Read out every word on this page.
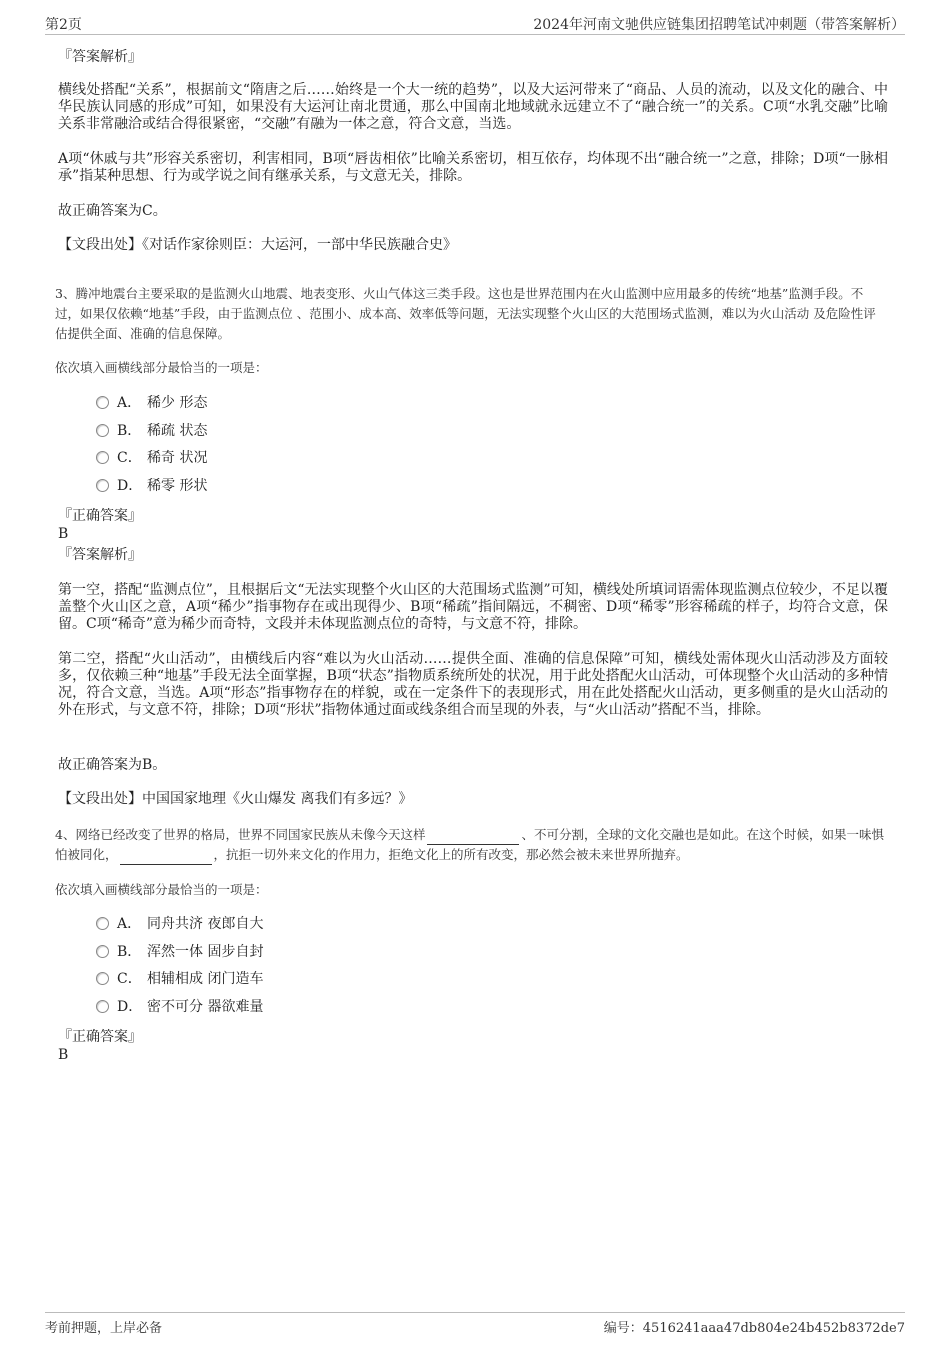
第2页	2024年河南文驰供应链集团招聘笔试冲刺题（带答案解析）
『答案解析』
横线处搭配“关系”，根据前文“隋唐之后……始终是一个大一统的趋势”，以及大运河带来了“商品、人员的流动，以及文化的融合、中华民族认同感的形成”可知，如果没有大运河让南北贯通，那么中国南北地域就永远建立不了“融合统一”的关系。C项“水乳交融”比喻关系非常融洽或结合得很紧密，“交融”有融为一体之意，符合文意，当选。
A项“休戚与共”形容关系密切，利害相同，B项“唇齿相依”比喻关系密切，相互依存，均体现不出“融合统一”之意，排除；D项“一脉相承”指某种思想、行为或学说之间有继承关系，与文意无关，排除。
故正确答案为C。
【文段出处】《对话作家徐则臣：大运河，一部中华民族融合史》
3、腾冲地震台主要采取的是监测火山地震、地表变形、火山气体这三类手段。这也是世界范围内在火山监测中应用最多的传统“地基”监测手段。不过，如果仅依赖“地基”手段，由于监测点位 、范围小、成本高、效率低等问题，无法实现整个火山区的大范围场式监测，难以为火山活动 及危险性评估提供全面、准确的信息保障。
依次填入画横线部分最恰当的一项是：
A． 稀少 形态
B． 稀疏 状态
C． 稀奇 状况
D． 稀零 形状
『正确答案』
B
『答案解析』
第一空，搭配“监测点位”，且根据后文“无法实现整个火山区的大范围场式监测”可知，横线处所填词语需体现监测点位较少，不足以覆盖整个火山区之意，A项“稀少”指事物存在或出现得少、B项“稀疏”指间隔远，不稠密、D项“稀零”形容稀疏的样子，均符合文意，保留。C项“稀奇”意为稀少而奇特，文段并未体现监测点位的奇特，与文意不符，排除。
第二空，搭配“火山活动”，由横线后内容“难以为火山活动……提供全面、准确的信息保障”可知，横线处需体现火山活动涉及方面较多，仅依赖三种“地基”手段无法全面掌握，B项“状态”指物质系统所处的状况，用于此处搭配火山活动，可体现整个火山活动的多种情况，符合文意，当选。A项“形态”指事物存在的样貌，或在一定条件下的表现形式，用在此处搭配火山活动，更多侧重的是火山活动的外在形式，与文意不符，排除；D项“形状”指物体通过面或线条组合而呈现的外表，与“火山活动”搭配不当，排除。
故正确答案为B。
【文段出处】中国国家地理《火山爆发 离我们有多远？》
4、网络已经改变了世界的格局，世界不同国家民族从未像今天这样	、不可分割，全球的文化交融也是如此。在这个时候，如果一味惧怕被同化，	，抗拒一切外来文化的作用力，拒绝文化上的所有改变，那必然会被未来世界所抛弃。
依次填入画横线部分最恰当的一项是：
A． 同舟共济 夜郎自大
B． 浑然一体 固步自封
C． 相辅相成 闭门造车
D． 密不可分 器欲难量
『正确答案』
B
考前押题，上岸必备	编号：4516241aaa47db804e24b452b8372de7
